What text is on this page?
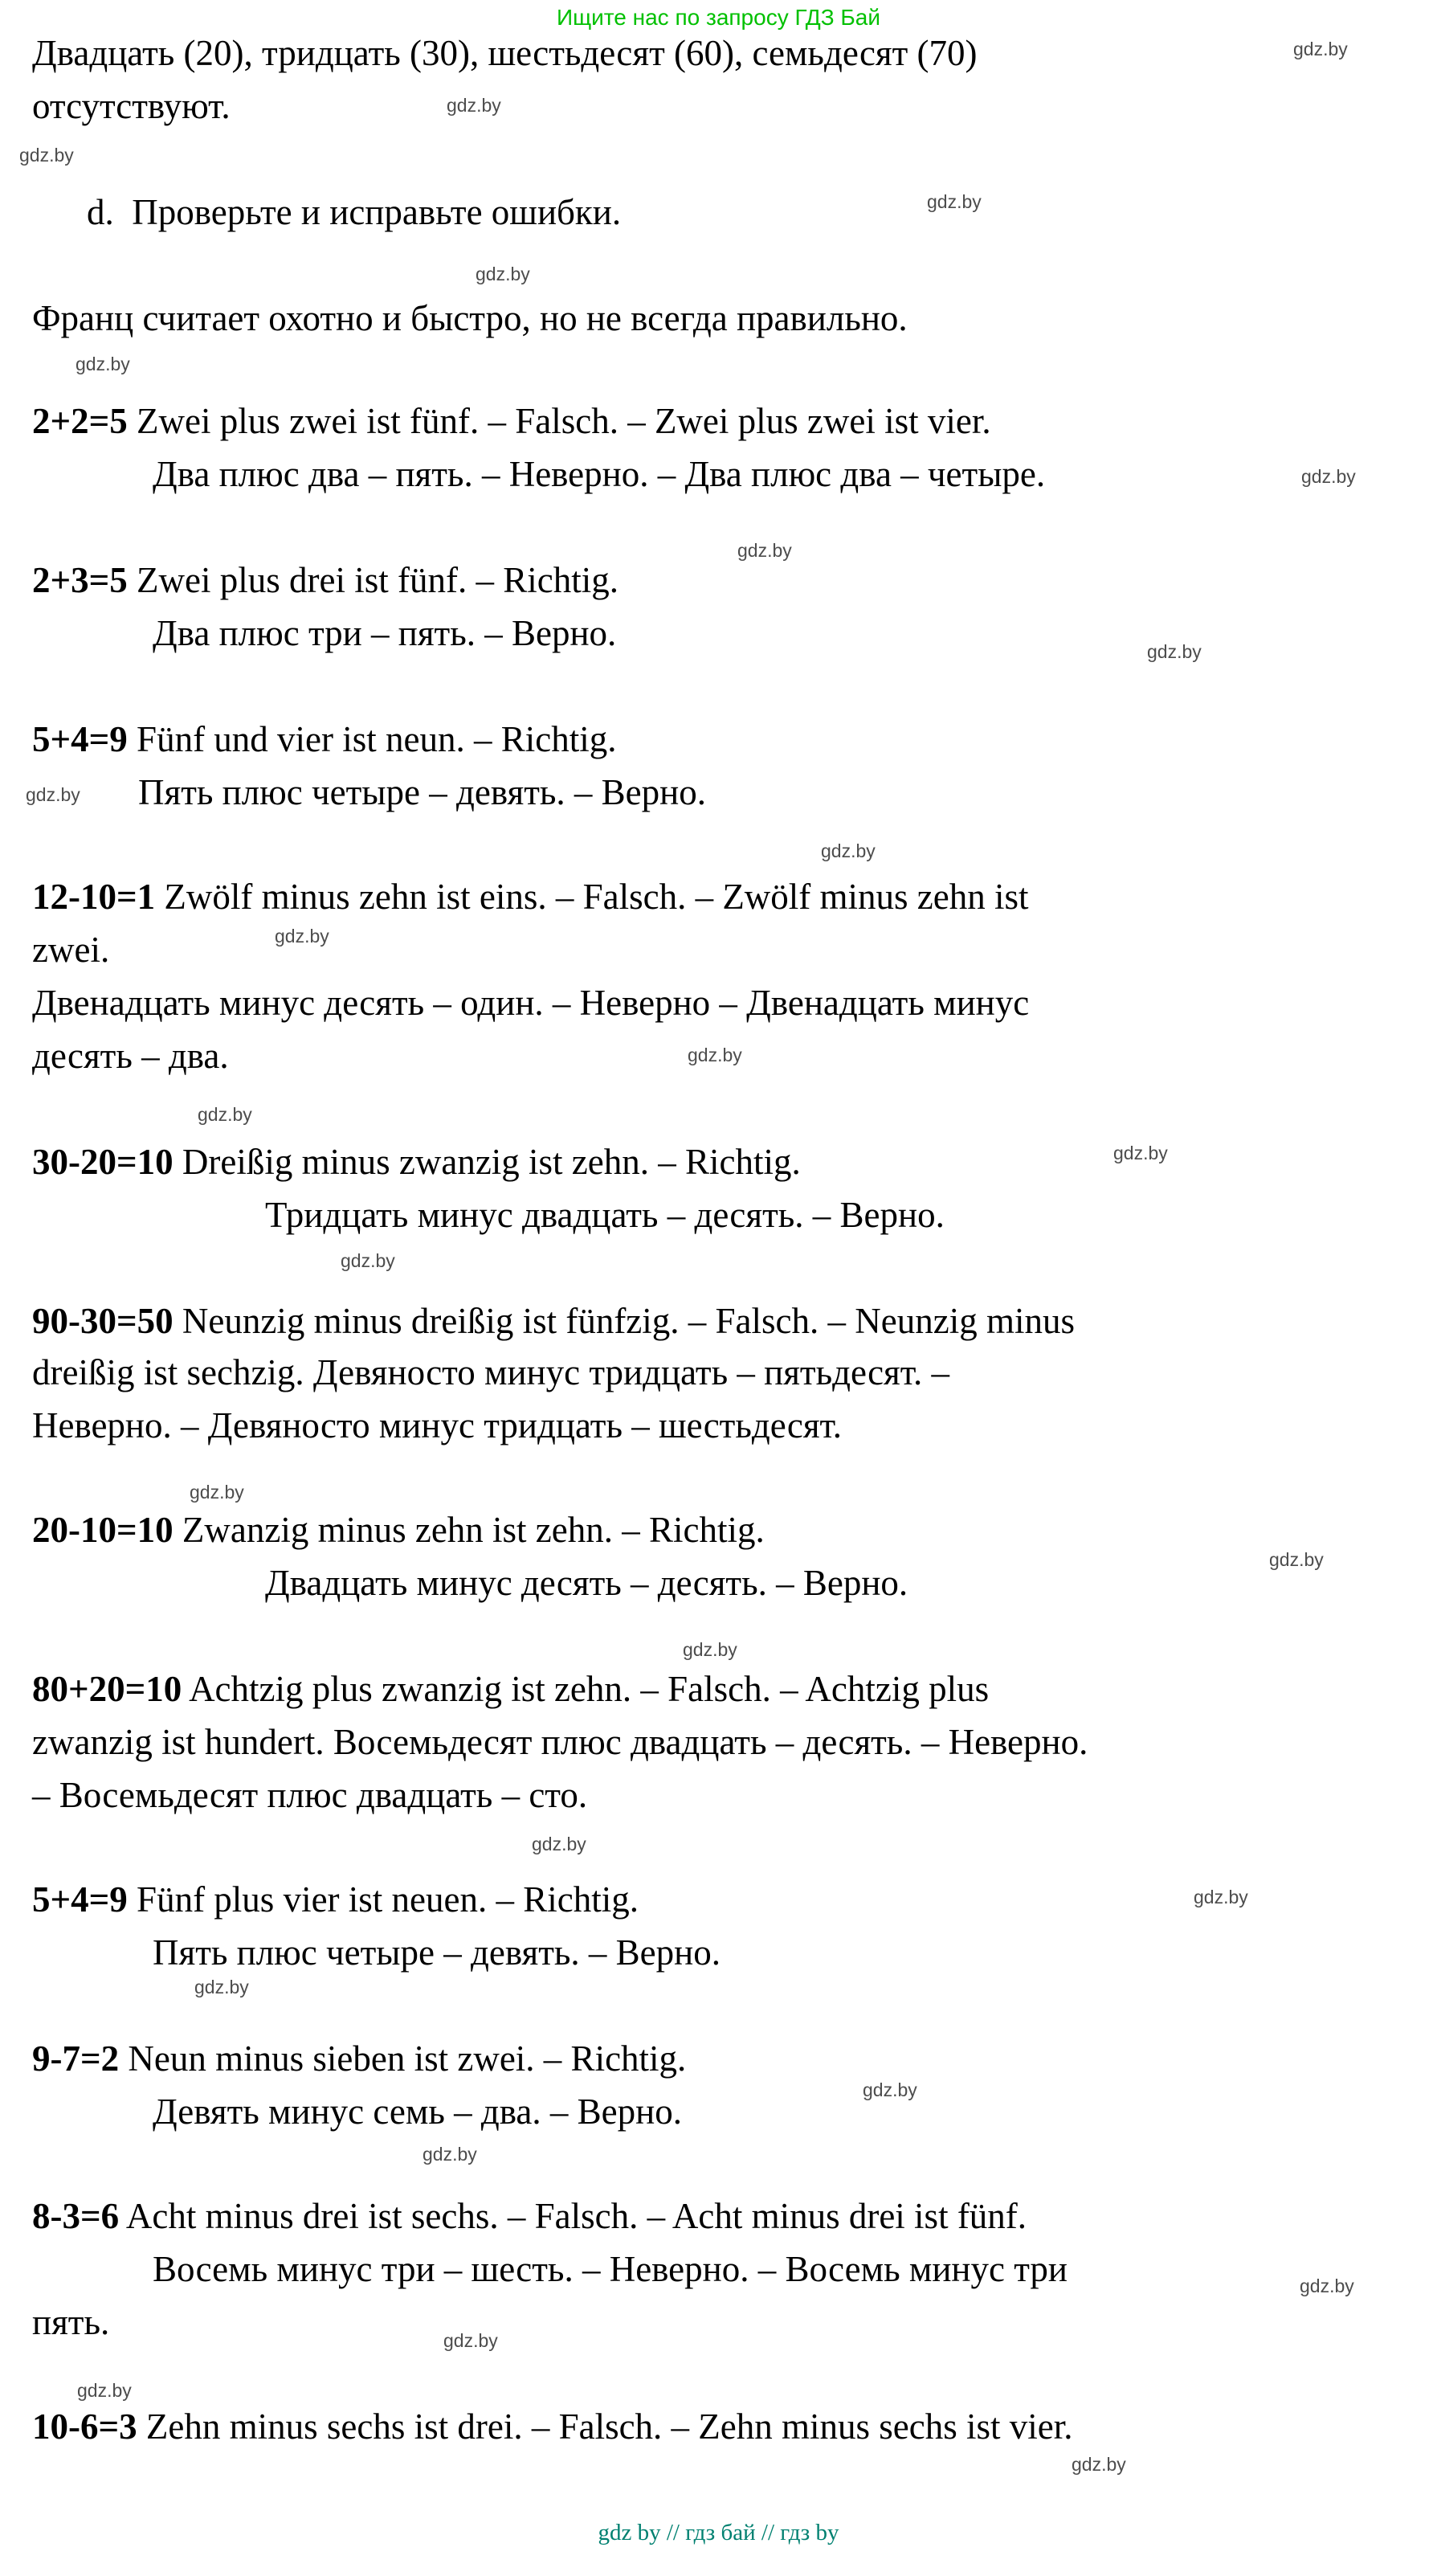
Ищите нас по запросу ГДЗ Бай
Двадцать (20), тридцать (30), шестьдесят (60), семьдесят (70)
отсутствуют.
d.  Проверьте и исправьте ошибки.
Франц считает охотно и быстро, но не всегда правильно.
2+2=5 Zwei plus zwei ist fünf. – Falsch. – Zwei plus zwei ist vier.
Два плюс два – пять. – Неверно. – Два плюс два – четыре.
2+3=5 Zwei plus drei ist fünf. – Richtig.
Два плюс три – пять. – Верно.
5+4=9 Fünf und vier ist neun. – Richtig.
Пять плюс четыре – девять. – Верно.
12-10=1 Zwölf minus zehn ist eins. – Falsch. – Zwölf minus zehn ist
zwei.
Двенадцать минус десять – один. – Неверно – Двенадцать минус
десять – два.
30-20=10 Dreißig minus zwanzig ist zehn. – Richtig.
Тридцать минус двадцать – десять. – Верно.
90-30=50 Neunzig minus dreißig ist fünfzig. – Falsch. – Neunzig minus
dreißig ist sechzig. Девяносто минус тридцать – пятьдесят. –
Неверно. – Девяносто минус тридцать – шестьдесят.
20-10=10 Zwanzig minus zehn ist zehn. – Richtig.
Двадцать минус десять – десять. – Верно.
80+20=10 Achtzig plus zwanzig ist zehn. – Falsch. – Achtzig plus
zwanzig ist hundert. Восемьдесят плюс двадцать – десять. – Неверно.
– Восемьдесят плюс двадцать – сто.
5+4=9 Fünf plus vier ist neuen. – Richtig.
Пять плюс четыре – девять. – Верно.
9-7=2 Neun minus sieben ist zwei. – Richtig.
Девять минус семь – два. – Верно.
8-3=6 Acht minus drei ist sechs. – Falsch. – Acht minus drei ist fünf.
Восемь минус три – шесть. – Неверно. – Восемь минус три
пять.
10-6=3 Zehn minus sechs ist drei. – Falsch. – Zehn minus sechs ist vier.
gdz by // гдз бай // гдз by
gdz.by
gdz.by
gdz.by
gdz.by
gdz.by
gdz.by
gdz.by
gdz.by
gdz.by
gdz.by
gdz.by
gdz.by
gdz.by
gdz.by
gdz.by
gdz.by
gdz.by
gdz.by
gdz.by
gdz.by
gdz.by
gdz.by
gdz.by
gdz.by
gdz.by
gdz.by
gdz.by
gdz.by
